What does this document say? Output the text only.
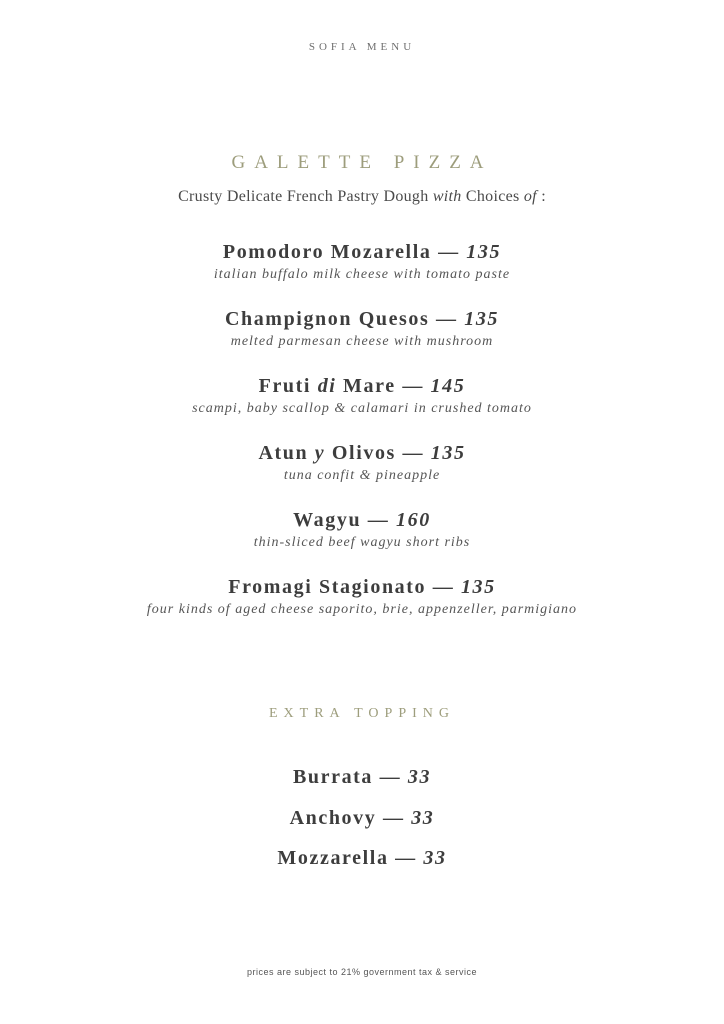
SOFIA MENU
GALETTE PIZZA
Crusty Delicate French Pastry Dough with Choices of :
Pomodoro Mozarella — 135
italian buffalo milk cheese with tomato paste
Champignon Quesos — 135
melted parmesan cheese with mushroom
Fruti di Mare — 145
scampi, baby scallop & calamari in crushed tomato
Atun y Olivos — 135
tuna confit & pineapple
Wagyu — 160
thin-sliced beef wagyu short ribs
Fromagi Stagionato — 135
four kinds of aged cheese saporito, brie, appenzeller, parmigiano
EXTRA TOPPING
Burrata — 33
Anchovy — 33
Mozzarella — 33
prices are subject to 21% government tax & service
